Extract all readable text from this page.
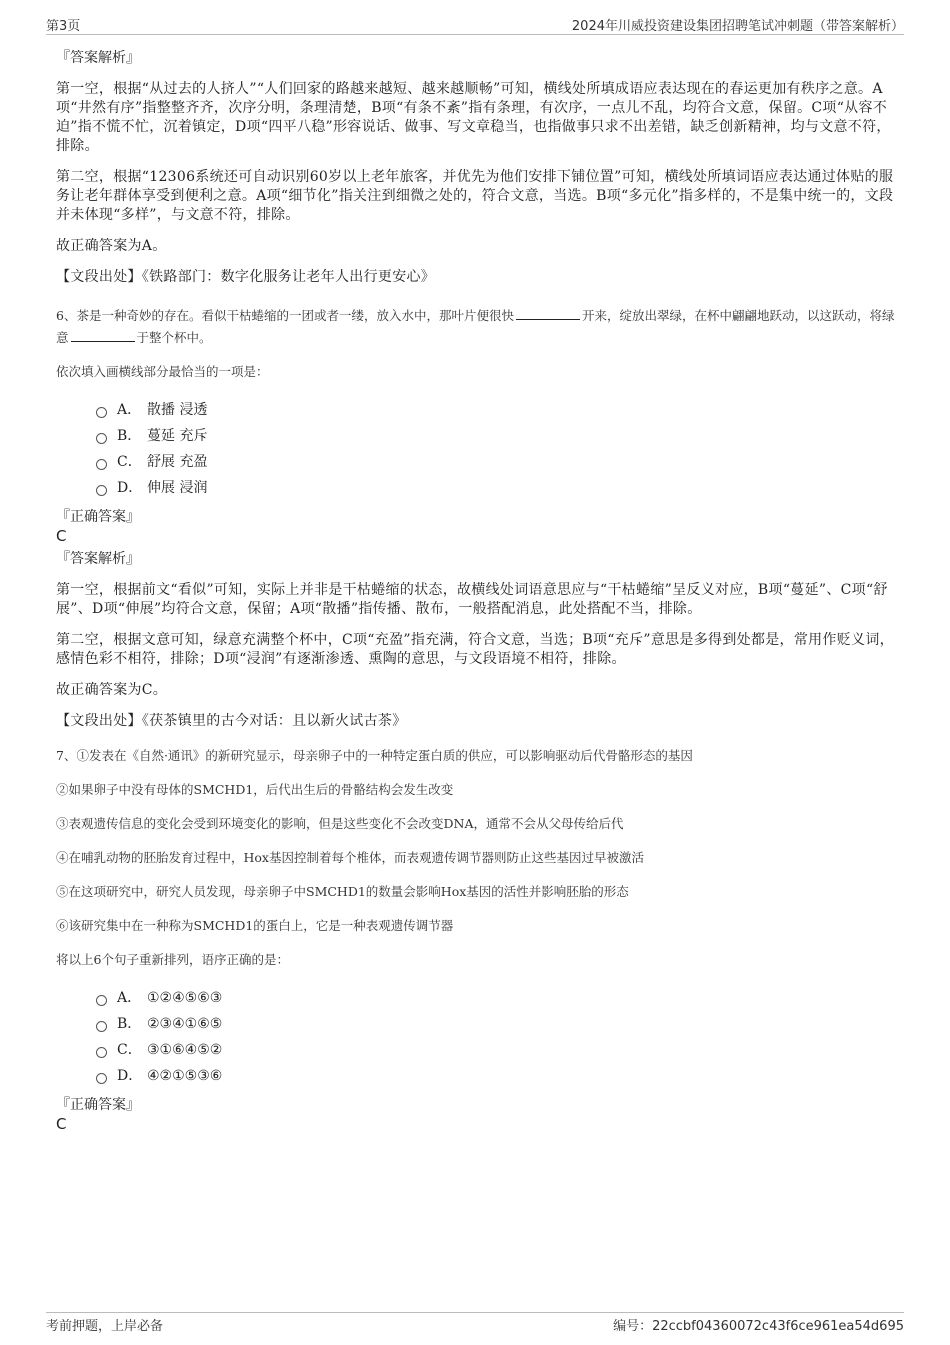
第3页	2024年川威投资建设集团招聘笔试冲刺题（带答案解析）

『答案解析』

第一空，根据“从过去的人挤人”“人们回家的路越来越短、越来越顺畅”可知，横线处所填成语应表达现在的春运更加有秩序之意。A项“井然有序”指整整齐齐，次序分明，条理清楚，B项“有条不紊”指有条理，有次序，一点儿不乱，均符合文意，保留。C项“从容不迫”指不慌不忙，沉着镇定，D项“四平八稳”形容说话、做事、写文章稳当，也指做事只求不出差错，缺乏创新精神，均与文意不符，排除。

第二空，根据“12306系统还可自动识别60岁以上老年旅客，并优先为他们安排下铺位置”可知，横线处所填词语应表达通过体贴的服务让老年群体享受到便利之意。A项“细节化”指关注到细微之处的，符合文意，当选。B项“多元化”指多样的，不是集中统一的，文段并未体现“多样”，与文意不符，排除。

故正确答案为A。

【文段出处】《铁路部门：数字化服务让老年人出行更安心》

6、茶是一种奇妙的存在。看似干枯蜷缩的一团或者一缕，放入水中，那叶片便很快	开来，绽放出翠绿，在杯中翩翩地跃动，以这跃动，将绿意	于整个杯中。

依次填入画横线部分最恰当的一项是：

A． 散播 浸透
B． 蔓延 充斥
C． 舒展 充盈
D． 伸展 浸润

『正确答案』

C

『答案解析』

第一空，根据前文“看似”可知，实际上并非是干枯蜷缩的状态，故横线处词语意思应与“干枯蜷缩”呈反义对应，B项“蔓延”、C项“舒展”、D项“伸展”均符合文意，保留；A项“散播”指传播、散布，一般搭配消息，此处搭配不当，排除。

第二空，根据文意可知，绿意充满整个杯中，C项“充盈”指充满，符合文意，当选；B项“充斥”意思是多得到处都是，常用作贬义词，感情色彩不相符，排除；D项“浸润”有逐渐渗透、熏陶的意思，与文段语境不相符，排除。

故正确答案为C。

【文段出处】《茯茶镇里的古今对话：且以新火试古茶》

7、①发表在《自然·通讯》的新研究显示，母亲卵子中的一种特定蛋白质的供应，可以影响驱动后代骨骼形态的基因

②如果卵子中没有母体的SMCHD1，后代出生后的骨骼结构会发生改变

③表观遗传信息的变化会受到环境变化的影响，但是这些变化不会改变DNA，通常不会从父母传给后代

④在哺乳动物的胚胎发育过程中，Hox基因控制着每个椎体，而表观遗传调节器则防止这些基因过早被激活

⑤在这项研究中，研究人员发现，母亲卵子中SMCHD1的数量会影响Hox基因的活性并影响胚胎的形态

⑥该研究集中在一种称为SMCHD1的蛋白上，它是一种表观遗传调节器

将以上6个句子重新排列，语序正确的是：

A． ①②④⑤⑥③
B． ②③④①⑥⑤
C． ③①⑥④⑤②
D． ④②①⑤③⑥

『正确答案』

C

考前押题，上岸必备	编号：22ccbf04360072c43f6ce961ea54d695
